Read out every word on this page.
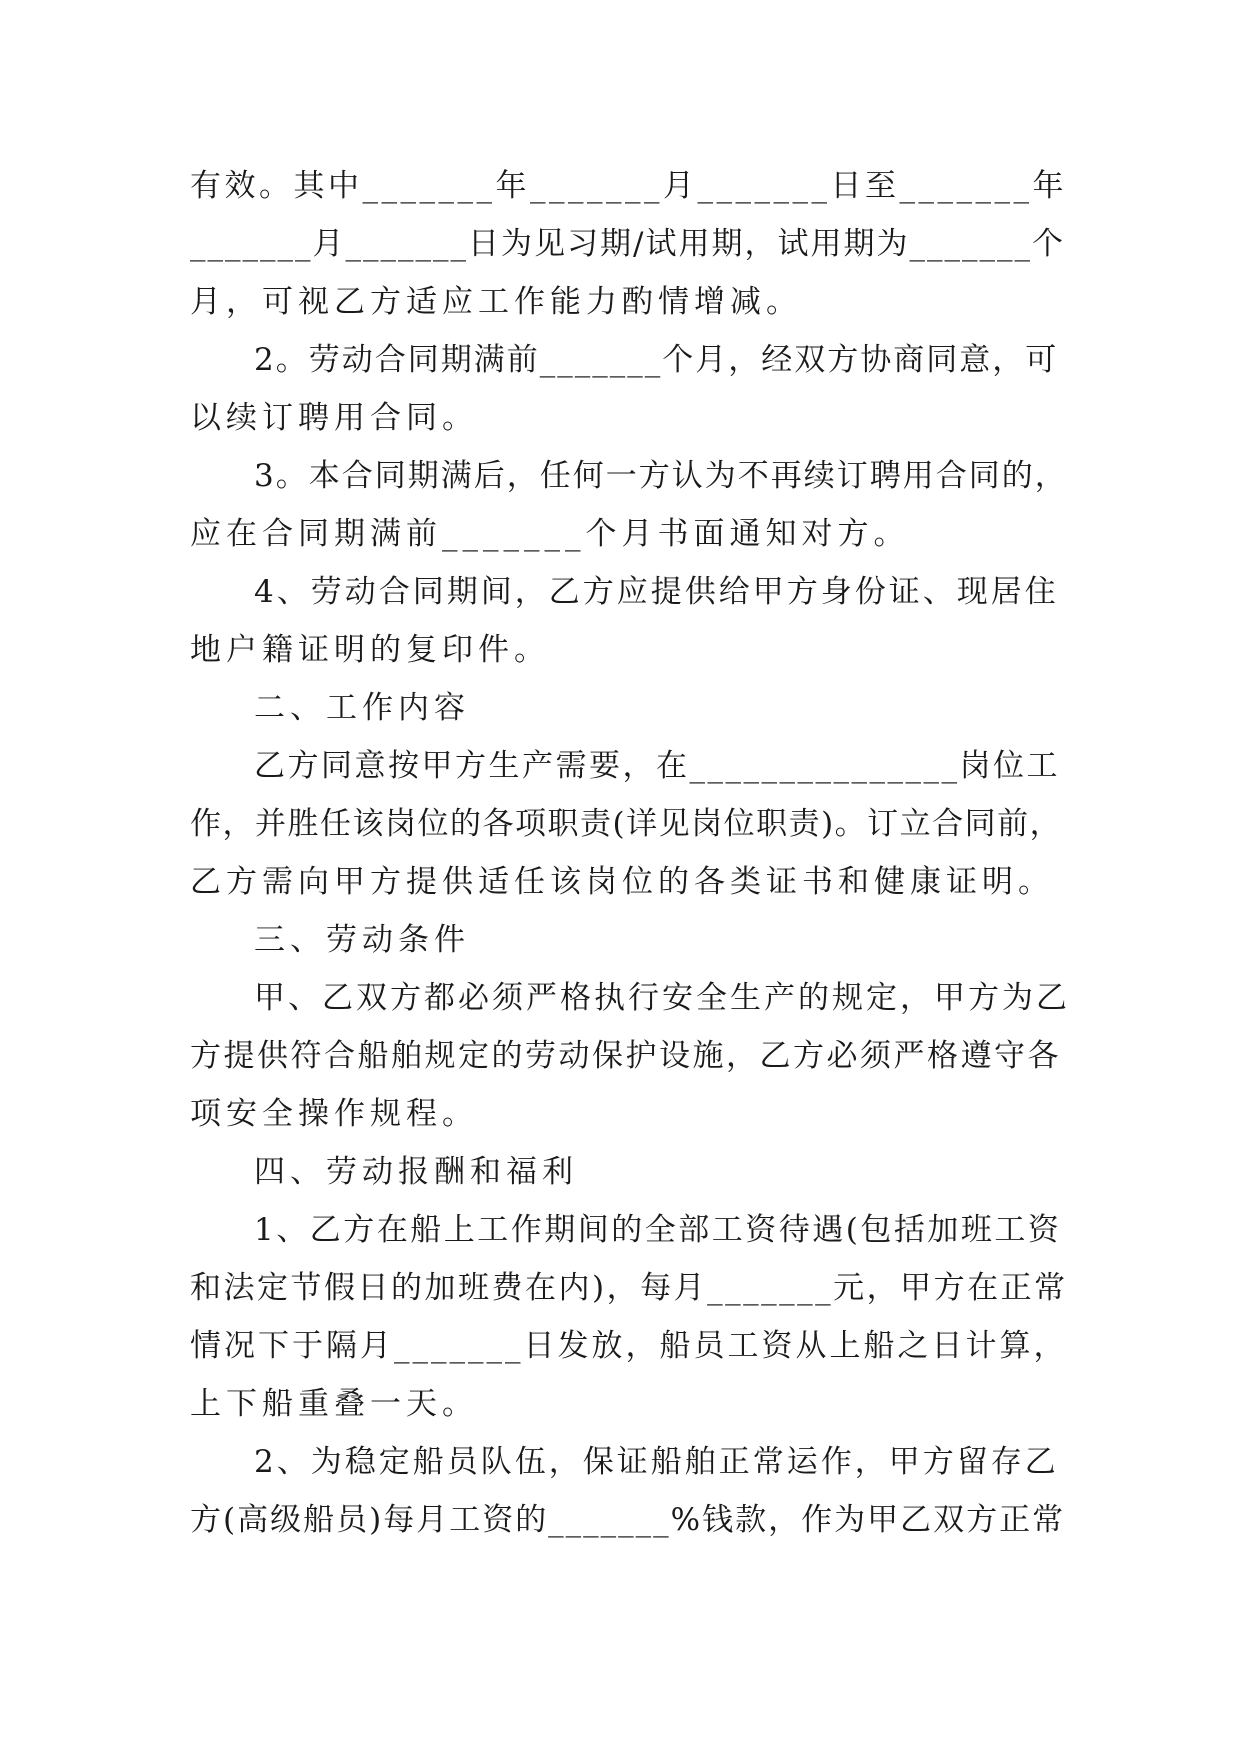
有效。其中_______年_______月_______日至_______年
_______月_______日为见习期/试用期，试用期为_______个
月，可视乙方适应工作能力酌情增减。
2。劳动合同期满前_______个月，经双方协商同意，可
以续订聘用合同。
3。本合同期满后，任何一方认为不再续订聘用合同的，
应在合同期满前_______个月书面通知对方。
4、劳动合同期间，乙方应提供给甲方身份证、现居住
地户籍证明的复印件。
二、工作内容
乙方同意按甲方生产需要，在_______________岗位工
作，并胜任该岗位的各项职责(详见岗位职责)。订立合同前，
乙方需向甲方提供适任该岗位的各类证书和健康证明。
三、劳动条件
甲、乙双方都必须严格执行安全生产的规定，甲方为乙
方提供符合船舶规定的劳动保护设施，乙方必须严格遵守各
项安全操作规程。
四、劳动报酬和福利
1、乙方在船上工作期间的全部工资待遇(包括加班工资
和法定节假日的加班费在内)，每月_______元，甲方在正常
情况下于隔月_______日发放，船员工资从上船之日计算，
上下船重叠一天。
2、为稳定船员队伍，保证船舶正常运作，甲方留存乙
方(高级船员)每月工资的_______%钱款，作为甲乙双方正常
